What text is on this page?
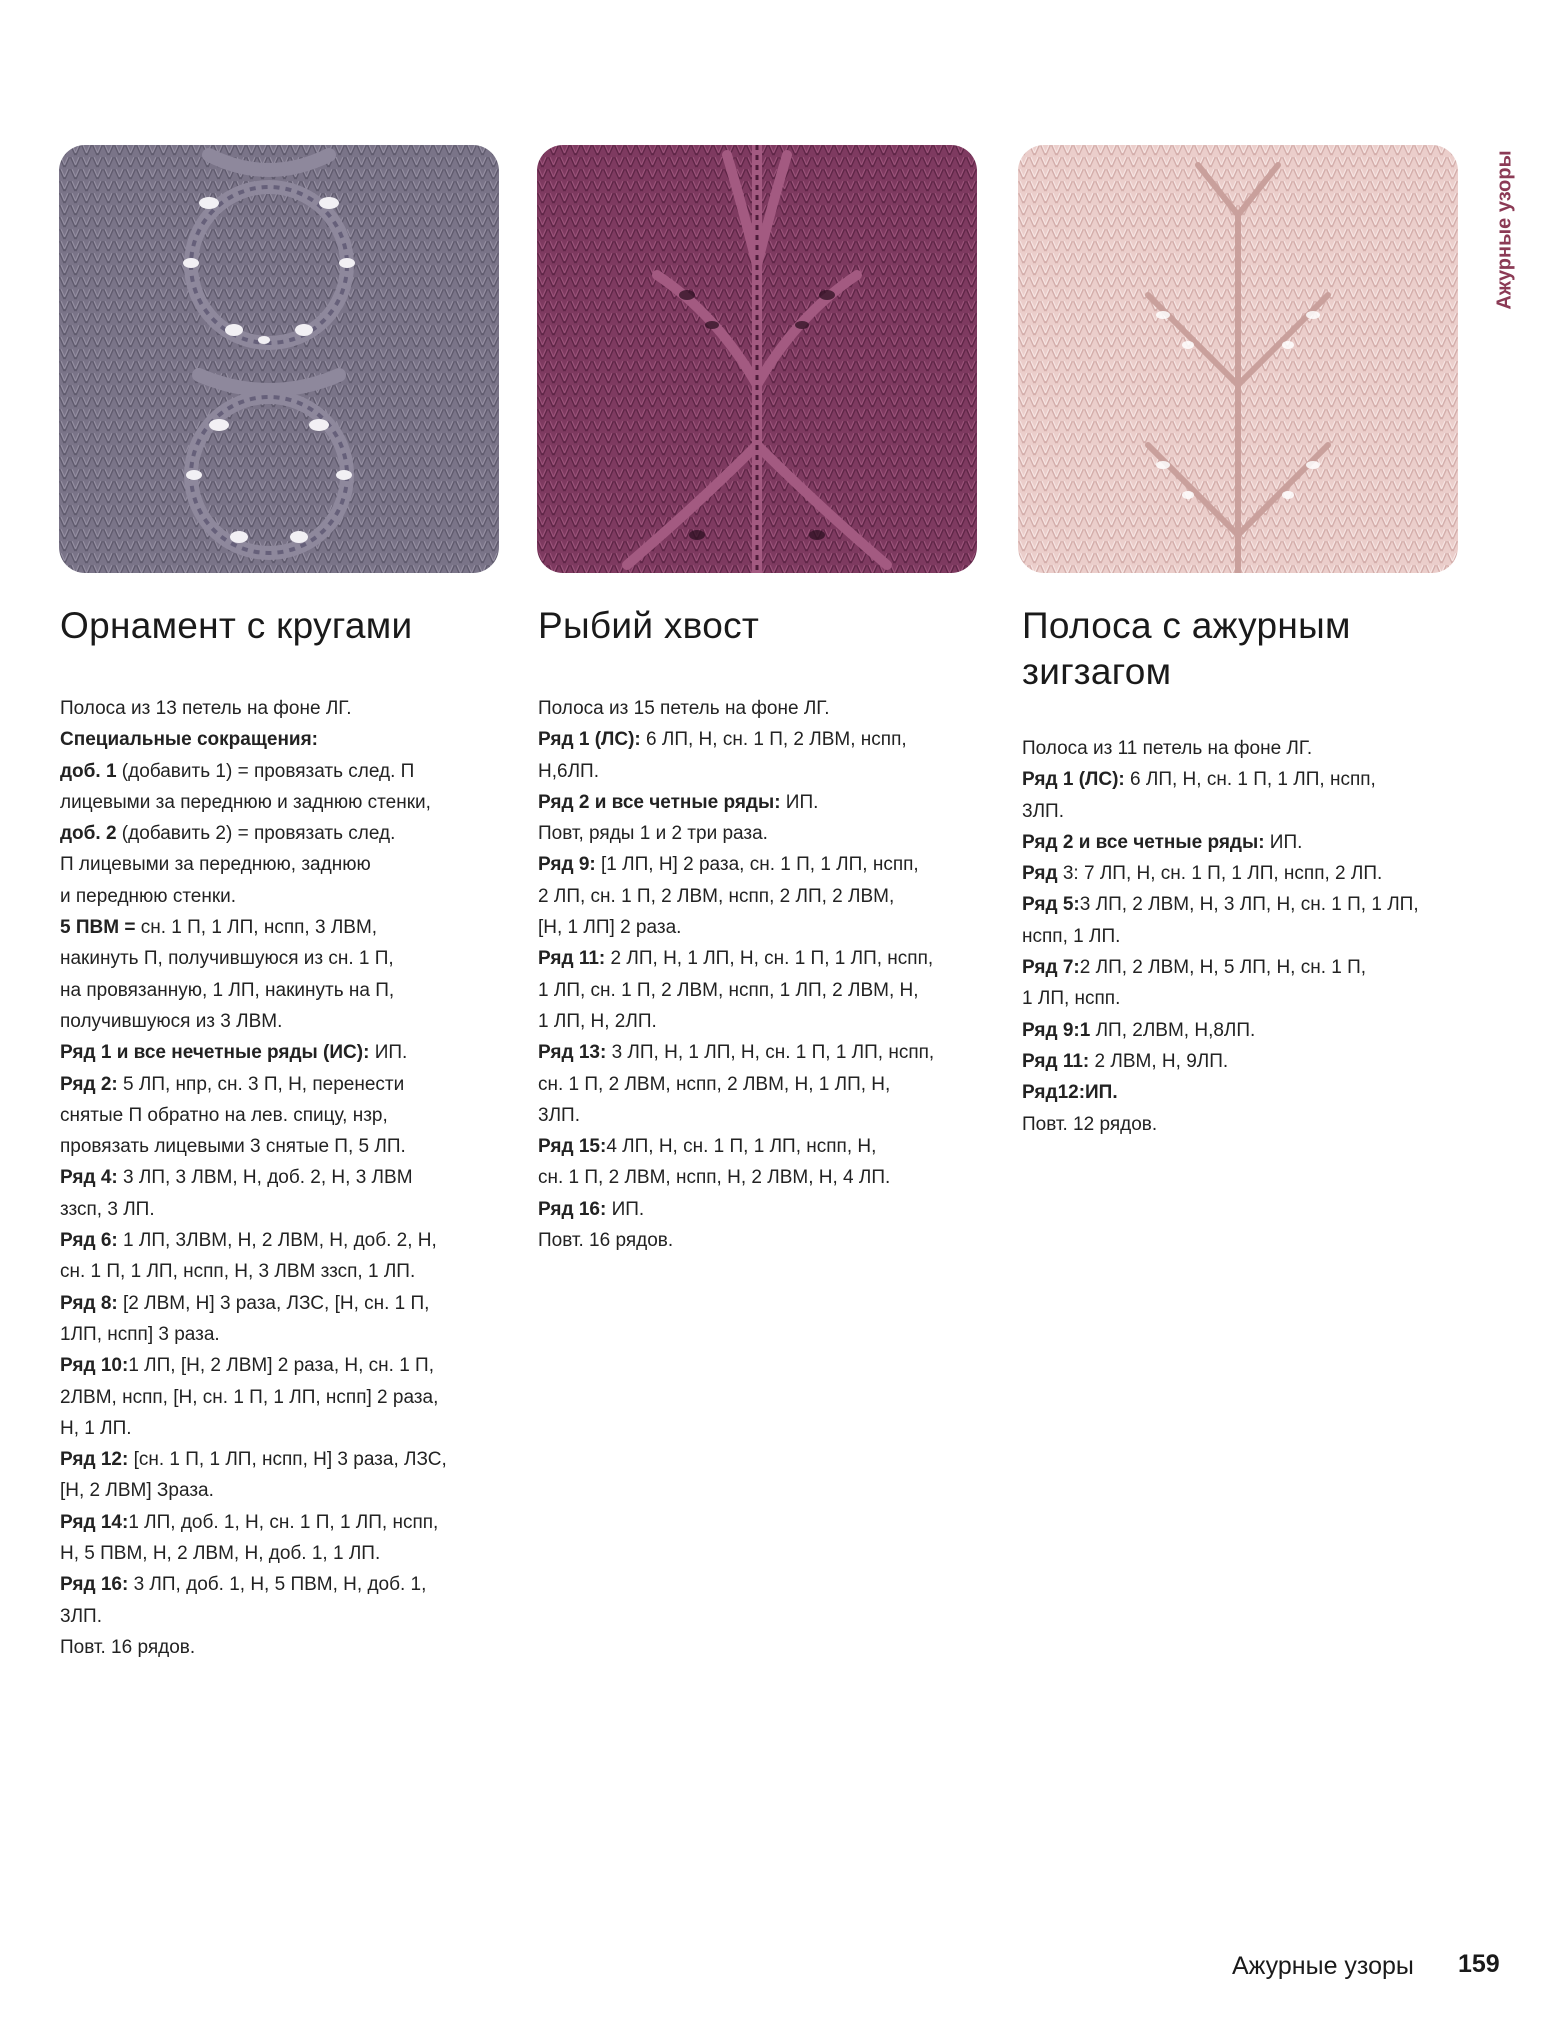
Ажурные узоры
Орнамент с кругами
Полоса из 13 петель на фоне ЛГ.
Специальные сокращения:
доб. 1 (добавить 1) = провязать след. П
лицевыми за переднюю и заднюю стенки,
доб. 2 (добавить 2) = провязать след.
П лицевыми за переднюю, заднюю
и переднюю стенки.
5 ПВМ = сн. 1 П, 1 ЛП, нспп, 3 ЛВМ,
накинуть П, получившуюся из сн. 1 П,
на провязанную, 1 ЛП, накинуть на П,
получившуюся из 3 ЛВМ.
Ряд 1 и все нечетные ряды (ИС): ИП.
Ряд 2: 5 ЛП, нпр, сн. 3 П, Н, перенести
снятые П обратно на лев. спицу, нзр,
провязать лицевыми 3 снятые П, 5 ЛП.
Ряд 4: 3 ЛП, 3 ЛВМ, Н, доб. 2, Н, 3 ЛВМ
ззсп, 3 ЛП.
Ряд 6: 1 ЛП, 3ЛВМ, Н, 2 ЛВМ, Н, доб. 2, Н,
сн. 1 П, 1 ЛП, нспп, Н, 3 ЛВМ ззсп, 1 ЛП.
Ряд 8: [2 ЛВМ, Н] 3 раза, ЛЗС, [Н, сн. 1 П,
1ЛП, нспп] 3 раза.
Ряд 10:1 ЛП, [Н, 2 ЛВМ] 2 раза, Н, сн. 1 П,
2ЛВМ, нспп, [Н, сн. 1 П, 1 ЛП, нспп] 2 раза,
Н, 1 ЛП.
Ряд 12: [сн. 1 П, 1 ЛП, нспп, Н] 3 раза, ЛЗС,
[Н, 2 ЛВМ] Зраза.
Ряд 14:1 ЛП, доб. 1, Н, сн. 1 П, 1 ЛП, нспп,
Н, 5 ПВМ, Н, 2 ЛВМ, Н, доб. 1, 1 ЛП.
Ряд 16: 3 ЛП, доб. 1, Н, 5 ПВМ, Н, доб. 1,
3ЛП.
Повт. 16 рядов.
Рыбий хвост
Полоса из 15 петель на фоне ЛГ.
Ряд 1 (ЛС): 6 ЛП, Н, сн. 1 П, 2 ЛВМ, нспп,
Н,6ЛП.
Ряд 2 и все четные ряды: ИП.
Повт, ряды 1 и 2 три раза.
Ряд 9: [1 ЛП, Н] 2 раза, сн. 1 П, 1 ЛП, нспп,
2 ЛП, сн. 1 П, 2 ЛВМ, нспп, 2 ЛП, 2 ЛВМ,
[Н, 1 ЛП] 2 раза.
Ряд 11: 2 ЛП, Н, 1 ЛП, Н, сн. 1 П, 1 ЛП, нспп,
1 ЛП, сн. 1 П, 2 ЛВМ, нспп, 1 ЛП, 2 ЛВМ, Н,
1 ЛП, Н, 2ЛП.
Ряд 13: 3 ЛП, Н, 1 ЛП, Н, сн. 1 П, 1 ЛП, нспп,
сн. 1 П, 2 ЛВМ, нспп, 2 ЛВМ, Н, 1 ЛП, Н,
3ЛП.
Ряд 15:4 ЛП, Н, сн. 1 П, 1 ЛП, нспп, Н,
сн. 1 П, 2 ЛВМ, нспп, Н, 2 ЛВМ, Н, 4 ЛП.
Ряд 16: ИП.
Повт. 16 рядов.
Полоса с ажурным зигзагом
Полоса из 11 петель на фоне ЛГ.
Ряд 1 (ЛС): 6 ЛП, Н, сн. 1 П, 1 ЛП, нспп,
3ЛП.
Ряд 2 и все четные ряды: ИП.
Ряд 3: 7 ЛП, Н, сн. 1 П, 1 ЛП, нспп, 2 ЛП.
Ряд 5:3 ЛП, 2 ЛВМ, Н, 3 ЛП, Н, сн. 1 П, 1 ЛП,
нспп, 1 ЛП.
Ряд 7:2 ЛП, 2 ЛВМ, Н, 5 ЛП, Н, сн. 1 П,
1 ЛП, нспп.
Ряд 9:1 ЛП, 2ЛВМ, Н,8ЛП.
Ряд 11: 2 ЛВМ, Н, 9ЛП.
Ряд12:ИП.
Повт. 12 рядов.
Ажурные узоры 159
